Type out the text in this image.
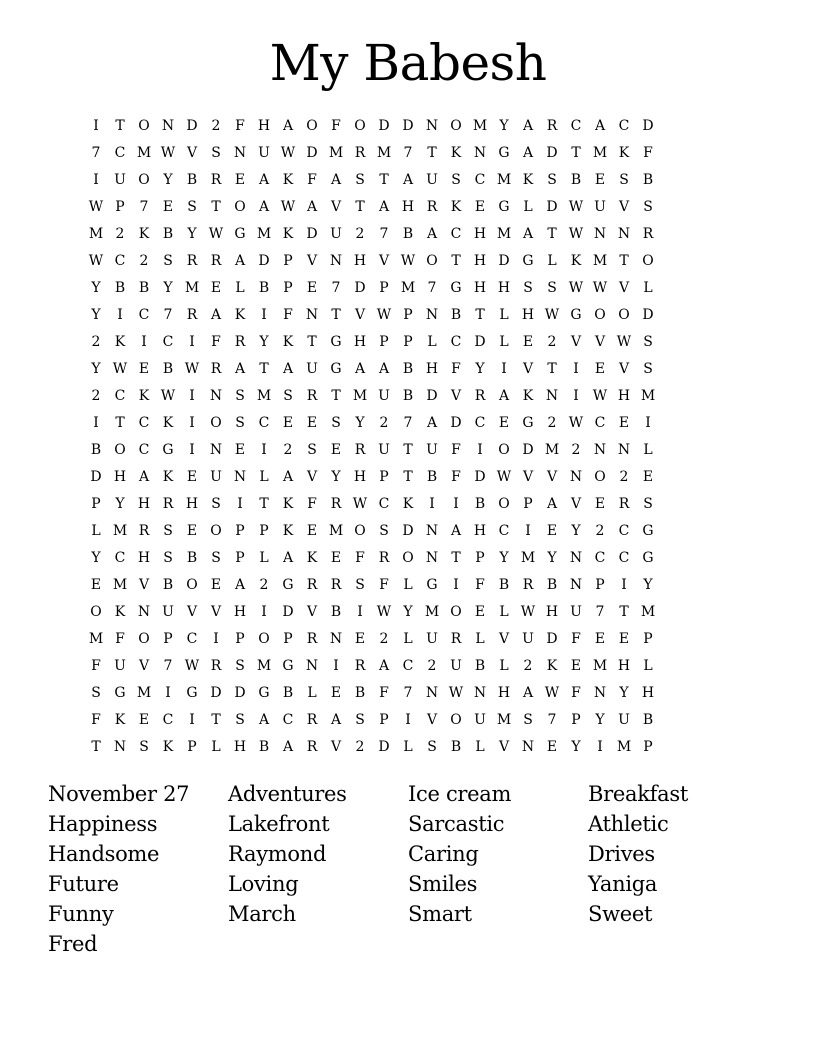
My Babesh
I	T O N D 2	F H A O F O D D N O M Y	A R C A C D
7	C M W V	S N U W D M R M 7	T	K N G A D T M K F
I	U O Y	B R E A K F	A	S	T	A U S C M K S	B E	S	B
W P	7	E	S	T O A W A V	T	A H R K E G L D W U V	S
M 2	K B	Y W G M K D U 2	7	B A C H M A	T W N N R
W C	2	S R R A D P	V N H V W O T H D G L	K M T O
Y	B B	Y M E	L	B	P	E	7 D P M 7 G H H S	S W W V	L
Y	I	C	7	R A K	I	F N T	V W P N B	T	L H W G O O D
2	K	I	C	I	F R	Y	K	T G H P	P	L	C D L	E	2	V V W S
Y W E B W R A	T	A U G A A B H F	Y	I	V	T	I	E V	S
2	C K W	I	N S M S R	T M U B D V R A K N	I	W H M
I	T C K	I	O S C E E	S	Y	2	7	A D C E G 2 W C E	I
B O C G	I	N E	I	2	S	E R U T U F	I	O D M 2 N N L
D H A K E U N L	A V	Y H P	T	B	F D W V V N O 2	E
P	Y H R H S	I	T	K F R W C K	I	I	B O P	A V E R S
L M R S	E O P	P	K E M O S D N A H C	I	E	Y	2	C G
Y	C H S	B	S	P	L	A K E	F R O N T	P	Y M Y N C C G
E M V B O E A	2 G R R S	F	L G	I	F B R B N P	I	Y
O K N U V V H	I	D V B	I	W Y M O E	L W H U 7	T M
M F O P C	I	P O P	R N E	2	L U R	L	V U D F	E E	P
F U V	7 W R S M G N	I	R A C	2 U B	L	2	K E M H L
S G M	I	G D D G B	L	E B	F	7 N W N H A W F N Y H
F K E C	I	T	S	A C R A	S	P	I	V O U M S	7	P	Y U B
T N S K	P	L H B A R V	2 D L	S	B	L	V N E	Y	I	M P
November 27
Happiness
Handsome
Future
Funny
Fred
Adventures
Lakefront
Raymond
Loving
March
Ice cream
Sarcastic
Caring
Smiles
Smart
Breakfast
Athletic
Drives
Yaniga
Sweet
